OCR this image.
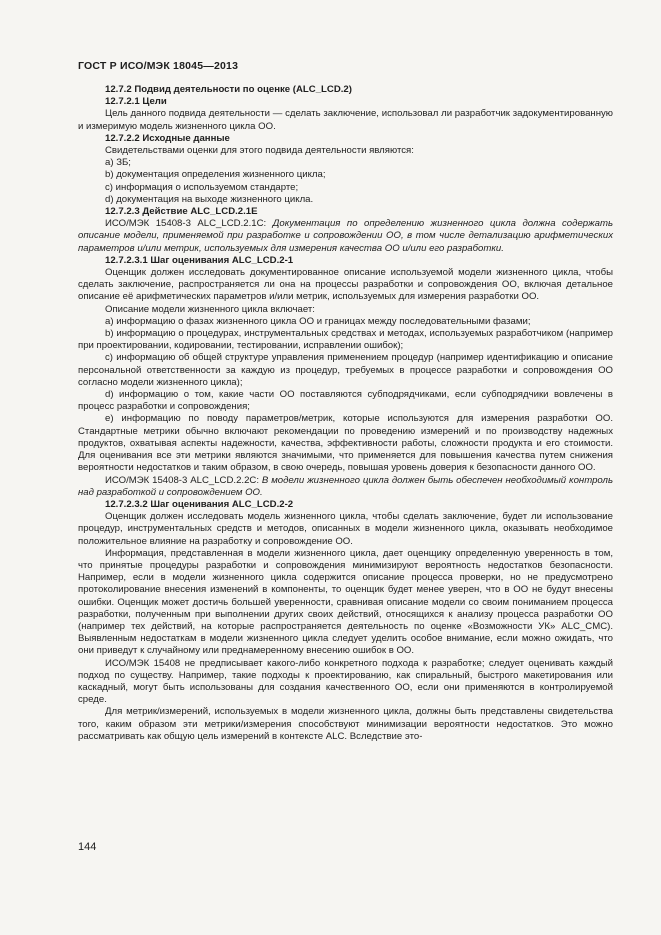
ГОСТ Р ИСО/МЭК 18045—2013

12.7.2 Подвид деятельности по оценке (ALC_LCD.2)

12.7.2.1 Цели

Цель данного подвида деятельности — сделать заключение, использовал ли разработчик задокументированную и измеримую модель жизненного цикла ОО.

12.7.2.2 Исходные данные

Свидетельствами оценки для этого подвида деятельности являются:

a) ЗБ;

b) документация определения жизненного цикла;

c) информация о используемом стандарте;

d) документация на выходе жизненного цикла.

12.7.2.3 Действие ALC_LCD.2.1E

ИСО/МЭК 15408-3 ALC_LCD.2.1C: Документация по определению жизненного цикла должна содержать описание модели, применяемой при разработке и сопровождении ОО, в том числе детализацию арифметических параметров и/или метрик, используемых для измерения качества ОО и/или его разработки.

12.7.2.3.1 Шаг оценивания ALC_LCD.2-1

Оценщик должен исследовать документированное описание используемой модели жизненного цикла, чтобы сделать заключение, распространяется ли она на процессы разработки и сопровождения ОО, включая детальное описание её арифметических параметров и/или метрик, используемых для измерения разработки ОО.

Описание модели жизненного цикла включает:

a) информацию о фазах жизненного цикла ОО и границах между последовательными фазами;

b) информацию о процедурах, инструментальных средствах и методах, используемых разработчиком (например при проектировании, кодировании, тестировании, исправлении ошибок);

c) информацию об общей структуре управления применением процедур (например идентификацию и описание персональной ответственности за каждую из процедур, требуемых в процессе разработки и сопровождения ОО согласно модели жизненного цикла);

d) информацию о том, какие части ОО поставляются субподрядчиками, если субподрядчики вовлечены в процесс разработки и сопровождения;

e) информацию по поводу параметров/метрик, которые используются для измерения разработки ОО. Стандартные метрики обычно включают рекомендации по проведению измерений и по производству надежных продуктов, охватывая аспекты надежности, качества, эффективности работы, сложности продукта и его стоимости. Для оценивания все эти метрики являются значимыми, что применяется для повышения качества путем снижения вероятности недостатков и таким образом, в свою очередь, повышая уровень доверия к безопасности данного ОО.

ИСО/МЭК 15408-3 ALC_LCD.2.2C: В модели жизненного цикла должен быть обеспечен необходимый контроль над разработкой и сопровождением ОО.

12.7.2.3.2 Шаг оценивания ALC_LCD.2-2

Оценщик должен исследовать модель жизненного цикла, чтобы сделать заключение, будет ли использование процедур, инструментальных средств и методов, описанных в модели жизненного цикла, оказывать необходимое положительное влияние на разработку и сопровождение ОО.

Информация, представленная в модели жизненного цикла, дает оценщику определенную уверенность в том, что принятые процедуры разработки и сопровождения минимизируют вероятность недостатков безопасности. Например, если в модели жизненного цикла содержится описание процесса проверки, но не предусмотрено протоколирование внесения изменений в компоненты, то оценщик будет менее уверен, что в ОО не будут внесены ошибки. Оценщик может достичь большей уверенности, сравнивая описание модели со своим пониманием процесса разработки, полученным при выполнении других своих действий, относящихся к анализу процесса разработки ОО (например тех действий, на которые распространяется деятельность по оценке «Возможности УК» ALC_CMC). Выявленным недостаткам в модели жизненного цикла следует уделить особое внимание, если можно ожидать, что они приведут к случайному или преднамеренному внесению ошибок в ОО.

ИСО/МЭК 15408 не предписывает какого-либо конкретного подхода к разработке; следует оценивать каждый подход по существу. Например, такие подходы к проектированию, как спиральный, быстрого макетирования или каскадный, могут быть использованы для создания качественного ОО, если они применяются в контролируемой среде.

Для метрик/измерений, используемых в модели жизненного цикла, должны быть представлены свидетельства того, каким образом эти метрики/измерения способствуют минимизации вероятности недостатков. Это можно рассматривать как общую цель измерений в контексте ALC. Вследствие это-

144
